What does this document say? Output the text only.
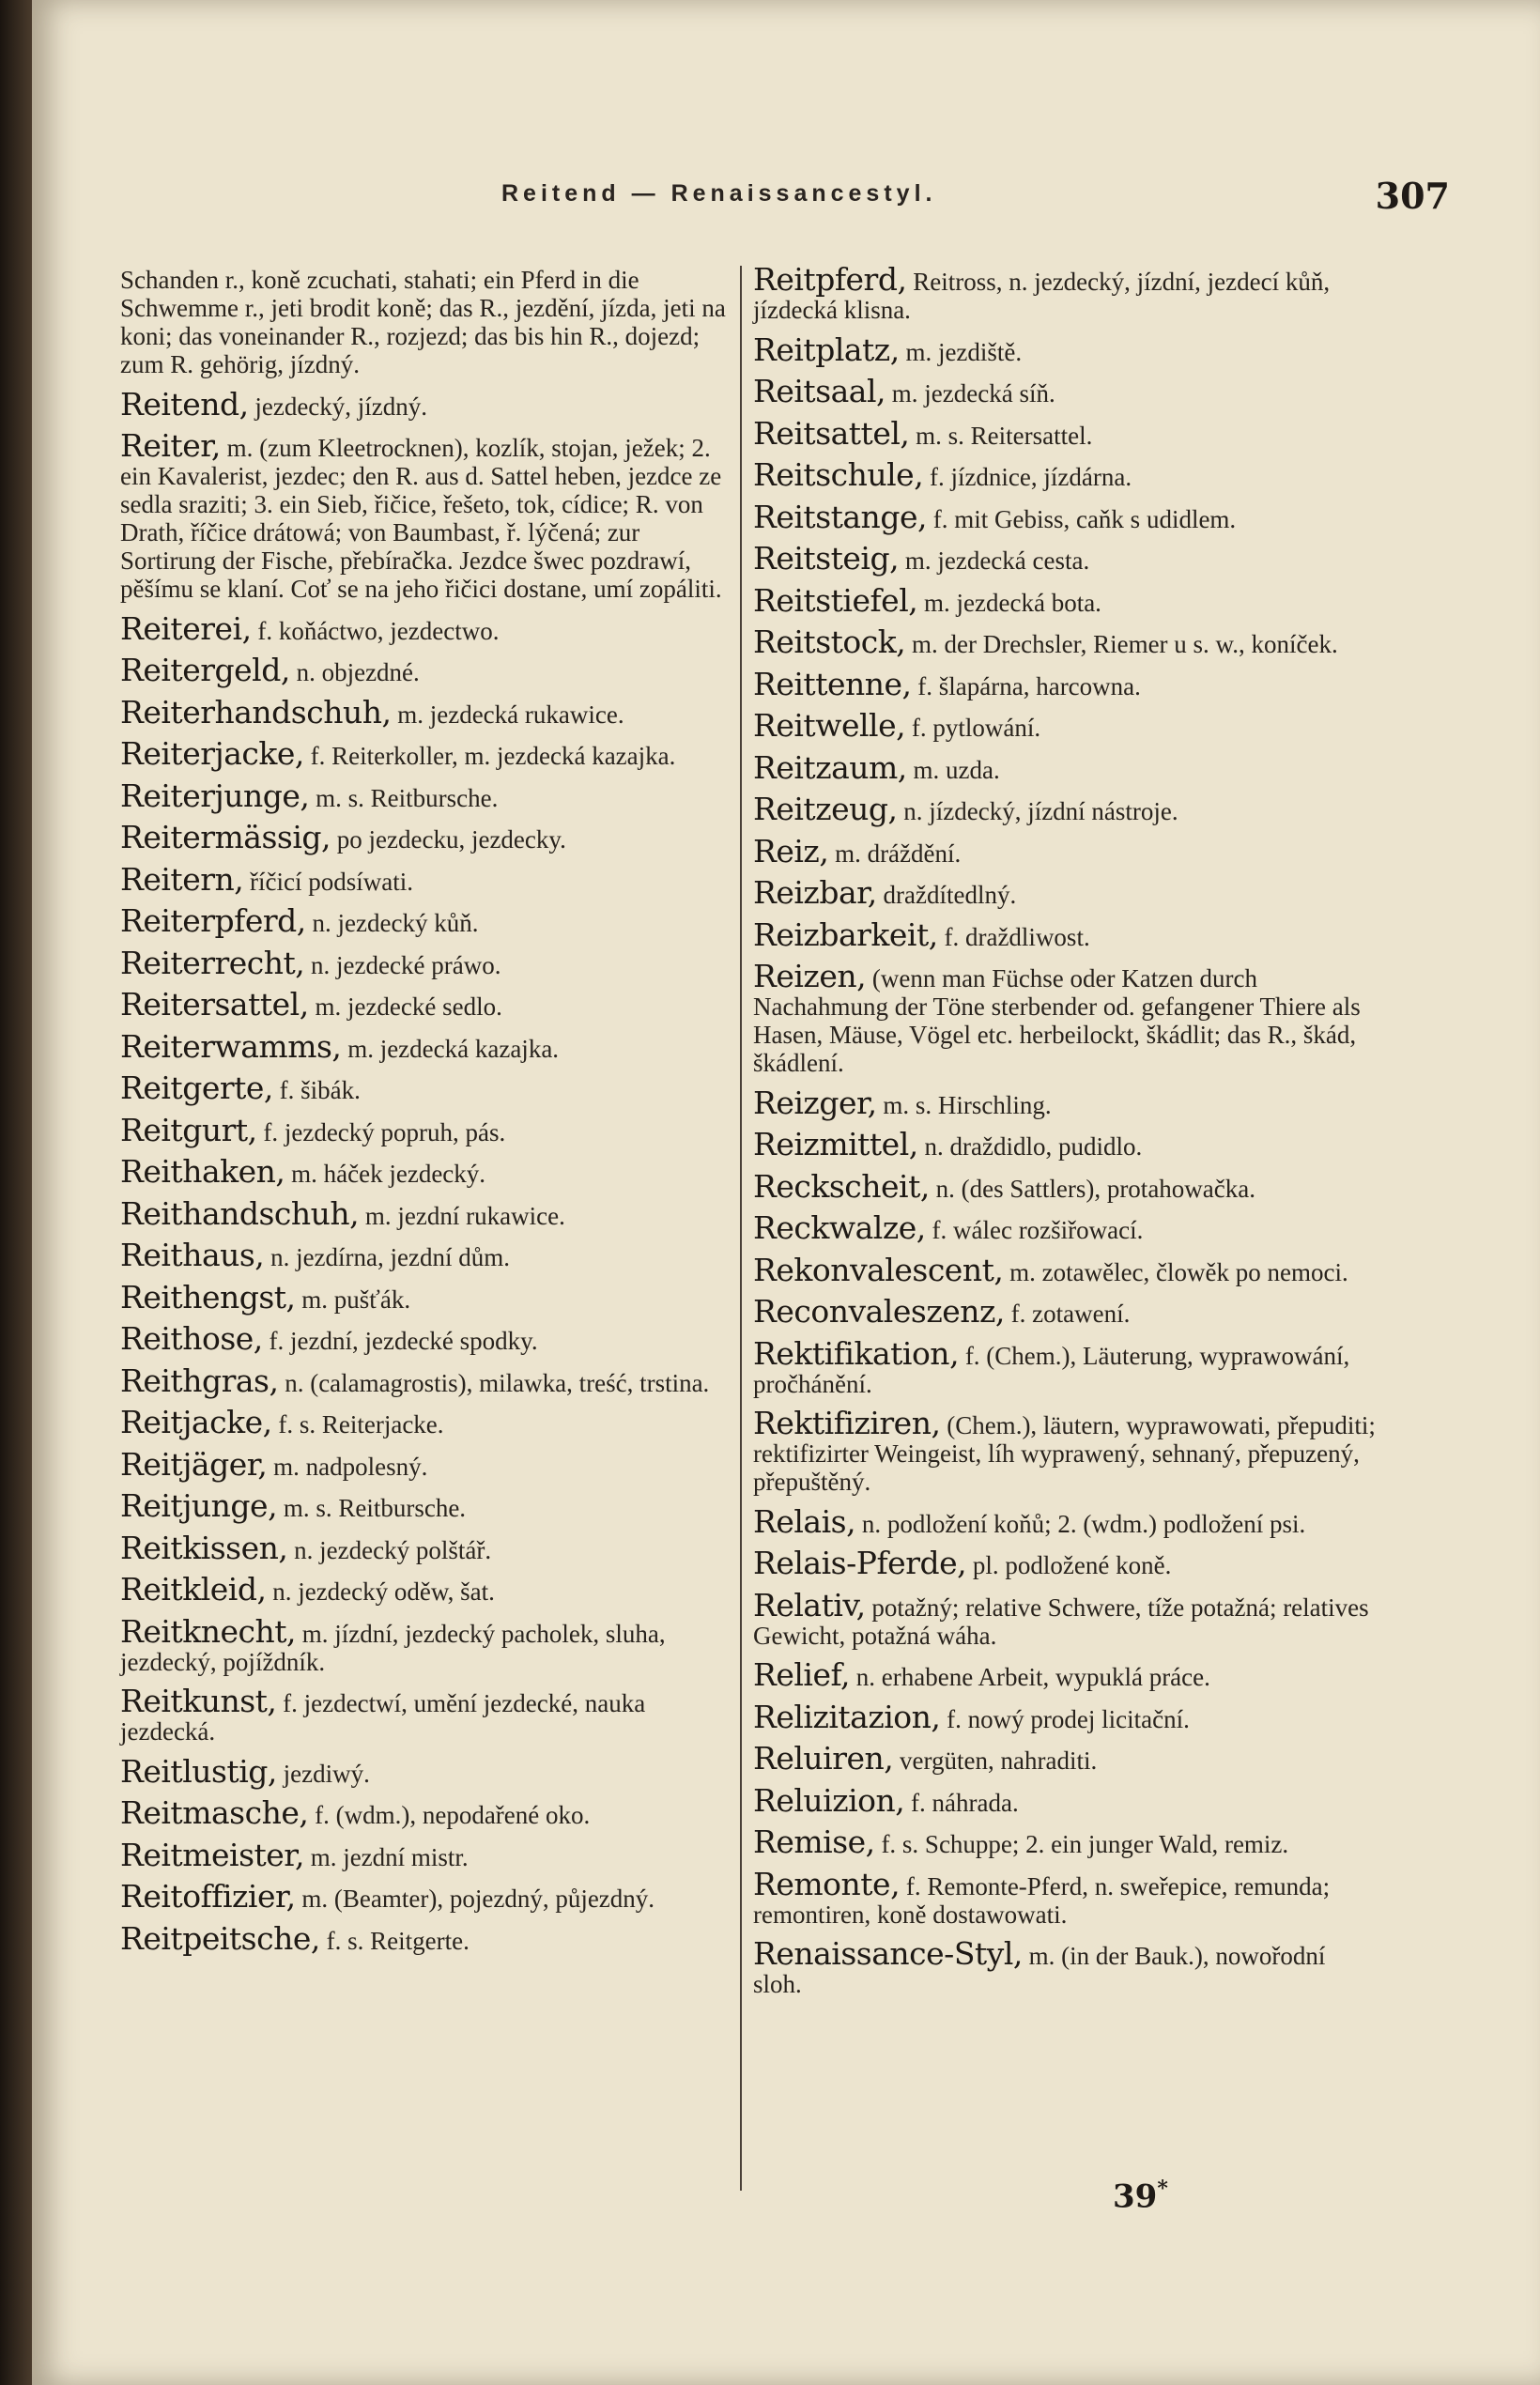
Reitend — Renaissancestyl.	307
Schanden r., koně zcuchati, stahati; ein Pferd in die Schwemme r., jeti brodit koně; das R., jezdění, jízda, jeti na koni; das voneinander R., rozjezd; das bis hin R., dojezd; zum R. gehörig, jízdný.
Reitend, jezdecký, jízdný.
Reiter, m. (zum Kleetrocknen), kozlík, stojan, ježek; 2. ein Kavalerist, jezdec; den R. aus d. Sattel heben, jezdce ze sedla sraziti; 3. ein Sieb, řičice, řešeto, tok, cídice; R. von Drath, říčice drátowá; von Baumbast, ř. lýčená; zur Sortirung der Fische, přebíračka. Jezdce šwec pozdrawí, pěšímu se klaní. Coť se na jeho řičici dostane, umí zopáliti.
Reiterei, f. koňáctwo, jezdectwo.
Reitergeld, n. objezdné.
Reiterhandschuh, m. jezdecká rukawice.
Reiterjacke, f. Reiterkoller, m. jezdecká kazajka.
Reiterjunge, m. s. Reitbursche.
Reitermässig, po jezdecku, jezdecky.
Reitern, říčicí podsíwati.
Reiterpferd, n. jezdecký kůň.
Reiterrecht, n. jezdecké práwo.
Reitersattel, m. jezdecké sedlo.
Reiterwamms, m. jezdecká kazajka.
Reitgerte, f. šibák.
Reitgurt, f. jezdecký popruh, pás.
Reithaken, m. háček jezdecký.
Reithandschuh, m. jezdní rukawice.
Reithaus, n. jezdírna, jezdní dům.
Reithengst, m. pušťák.
Reithose, f. jezdní, jezdecké spodky.
Reithgras, n. (calamagrostis), milawka, treść, trstina.
Reitjacke, f. s. Reiterjacke.
Reitjäger, m. nadpolesný.
Reitjunge, m. s. Reitbursche.
Reitkissen, n. jezdecký polštář.
Reitkleid, n. jezdecký oděw, šat.
Reitknecht, m. jízdní, jezdecký pacholek, sluha, jezdecký, pojíždník.
Reitkunst, f. jezdectwí, umění jezdecké, nauka jezdecká.
Reitlustig, jezdiwý.
Reitmasche, f. (wdm.), nepodařené oko.
Reitmeister, m. jezdní mistr.
Reitoffizier, m. (Beamter), pojezdný, půjezdný.
Reitpeitsche, f. s. Reitgerte.
Reitpferd, Reitross, n. jezdecký, jízdní, jezdecí kůň, jízdecká klisna.
Reitplatz, m. jezdiště.
Reitsaal, m. jezdecká síň.
Reitsattel, m. s. Reitersattel.
Reitschule, f. jízdnice, jízdárna.
Reitstange, f. mit Gebiss, caňk s udidlem.
Reitsteig, m. jezdecká cesta.
Reitstiefel, m. jezdecká bota.
Reitstock, m. der Drechsler, Riemer u s. w., koníček.
Reittenne, f. šlapárna, harcowna.
Reitwelle, f. pytlowání.
Reitzaum, m. uzda.
Reitzeug, n. jízdecký, jízdní nástroje.
Reiz, m. dráždění.
Reizbar, draždítedlný.
Reizbarkeit, f. draždliwost.
Reizen, (wenn man Füchse oder Katzen durch Nachahmung der Töne sterbender od. gefangener Thiere als Hasen, Mäuse, Vögel etc. herbeilockt, škádlit; das R., škád, škádlení.
Reizger, m. s. Hirschling.
Reizmittel, n. draždidlo, pudidlo.
Reckscheit, n. (des Sattlers), protahowačka.
Reckwalze, f. wálec rozšiřowací.
Rekonvalescent, m. zotawělec, člowěk po nemoci.
Reconvaleszenz, f. zotawení.
Rektifikation, f. (Chem.), Läuterung, wyprawowání, pročhánění.
Rektifiziren, (Chem.), läutern, wyprawowati, přepuditi; rektifizirter Weingeist, líh wyprawený, sehnaný, přepuzený, přepuštěný.
Relais, n. podložení koňů; 2. (wdm.) podložení psi.
Relais-Pferde, pl. podložené koně.
Relativ, potažný; relative Schwere, tíže potažná; relatives Gewicht, potažná wáha.
Relief, n. erhabene Arbeit, wypuklá práce.
Relizitazion, f. nowý prodej licitační.
Reluiren, vergüten, nahraditi.
Reluizion, f. náhrada.
Remise, f. s. Schuppe; 2. ein junger Wald, remiz.
Remonte, f. Remonte-Pferd, n. sweřepice, remunda; remontiren, koně dostawowati.
Renaissance-Styl, m. (in der Bauk.), nowořodní sloh.
39*
